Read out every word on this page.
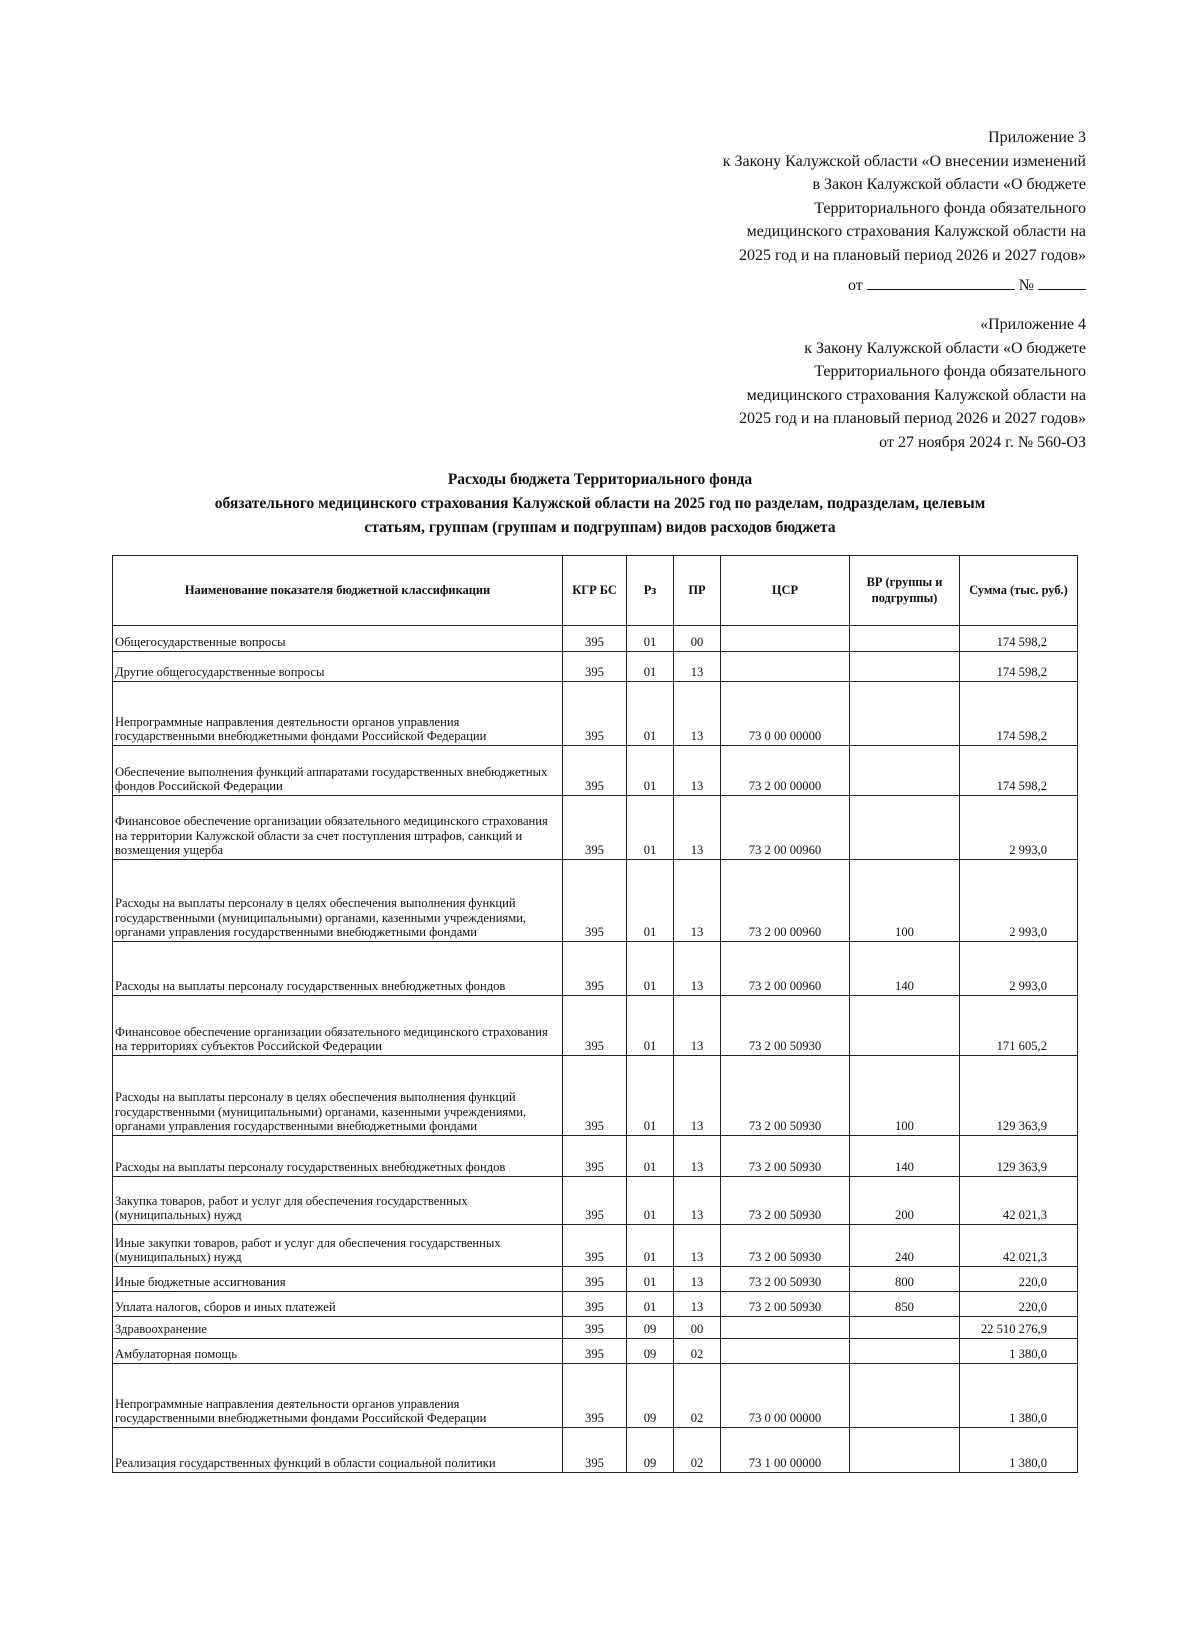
Приложение 3
к Закону Калужской области «О внесении изменений
в Закон Калужской области «О бюджете
Территориального фонда обязательного
медицинского страхования Калужской области на
2025 год и на плановый период 2026 и 2027 годов»
от	№
«Приложение 4
к Закону Калужской области «О бюджете
Территориального фонда обязательного
медицинского страхования Калужской области на
2025 год и на плановый период 2026 и 2027 годов»
от 27 ноября 2024 г. № 560-ОЗ
Расходы бюджета Территориального фонда
обязательного медицинского страхования Калужской области на 2025 год по разделам, подразделам, целевым
статьям, группам (группам и подгруппам) видов расходов бюджета
Наименование показателя бюджетной классификации	КГР БС	Рз	ПР	ЦСР	ВР (группы и подгруппы)	Сумма (тыс. руб.)
Общегосударственные вопросы	395	01	00			174 598,2
Другие общегосударственные вопросы	395	01	13			174 598,2
Непрограммные направления деятельности органов управления государственными внебюджетными фондами Российской Федерации	395	01	13	73 0 00 00000		174 598,2
Обеспечение выполнения функций аппаратами государственных внебюджетных фондов Российской Федерации	395	01	13	73 2 00 00000		174 598,2
Финансовое обеспечение организации обязательного медицинского страхования на территории Калужской области за счет поступления штрафов, санкций и возмещения ущерба	395	01	13	73 2 00 00960		2 993,0
Расходы на выплаты персоналу в целях обеспечения выполнения функций государственными (муниципальными) органами, казенными учреждениями, органами управления государственными внебюджетными фондами	395	01	13	73 2 00 00960	100	2 993,0
Расходы на выплаты персоналу государственных внебюджетных фондов	395	01	13	73 2 00 00960	140	2 993,0
Финансовое обеспечение организации обязательного медицинского страхования на территориях субъектов Российской Федерации	395	01	13	73 2 00 50930		171 605,2
Расходы на выплаты персоналу в целях обеспечения выполнения функций государственными (муниципальными) органами, казенными учреждениями, органами управления государственными внебюджетными фондами	395	01	13	73 2 00 50930	100	129 363,9
Расходы на выплаты персоналу государственных внебюджетных фондов	395	01	13	73 2 00 50930	140	129 363,9
Закупка товаров, работ и услуг для обеспечения государственных (муниципальных) нужд	395	01	13	73 2 00 50930	200	42 021,3
Иные закупки товаров, работ и услуг для обеспечения государственных (муниципальных) нужд	395	01	13	73 2 00 50930	240	42 021,3
Иные бюджетные ассигнования	395	01	13	73 2 00 50930	800	220,0
Уплата налогов, сборов и иных платежей	395	01	13	73 2 00 50930	850	220,0
Здравоохранение	395	09	00			22 510 276,9
Амбулаторная помощь	395	09	02			1 380,0
Непрограммные направления деятельности органов управления государственными внебюджетными фондами Российской Федерации	395	09	02	73 0 00 00000		1 380,0
Реализация государственных функций в области социальной политики	395	09	02	73 1 00 00000		1 380,0
